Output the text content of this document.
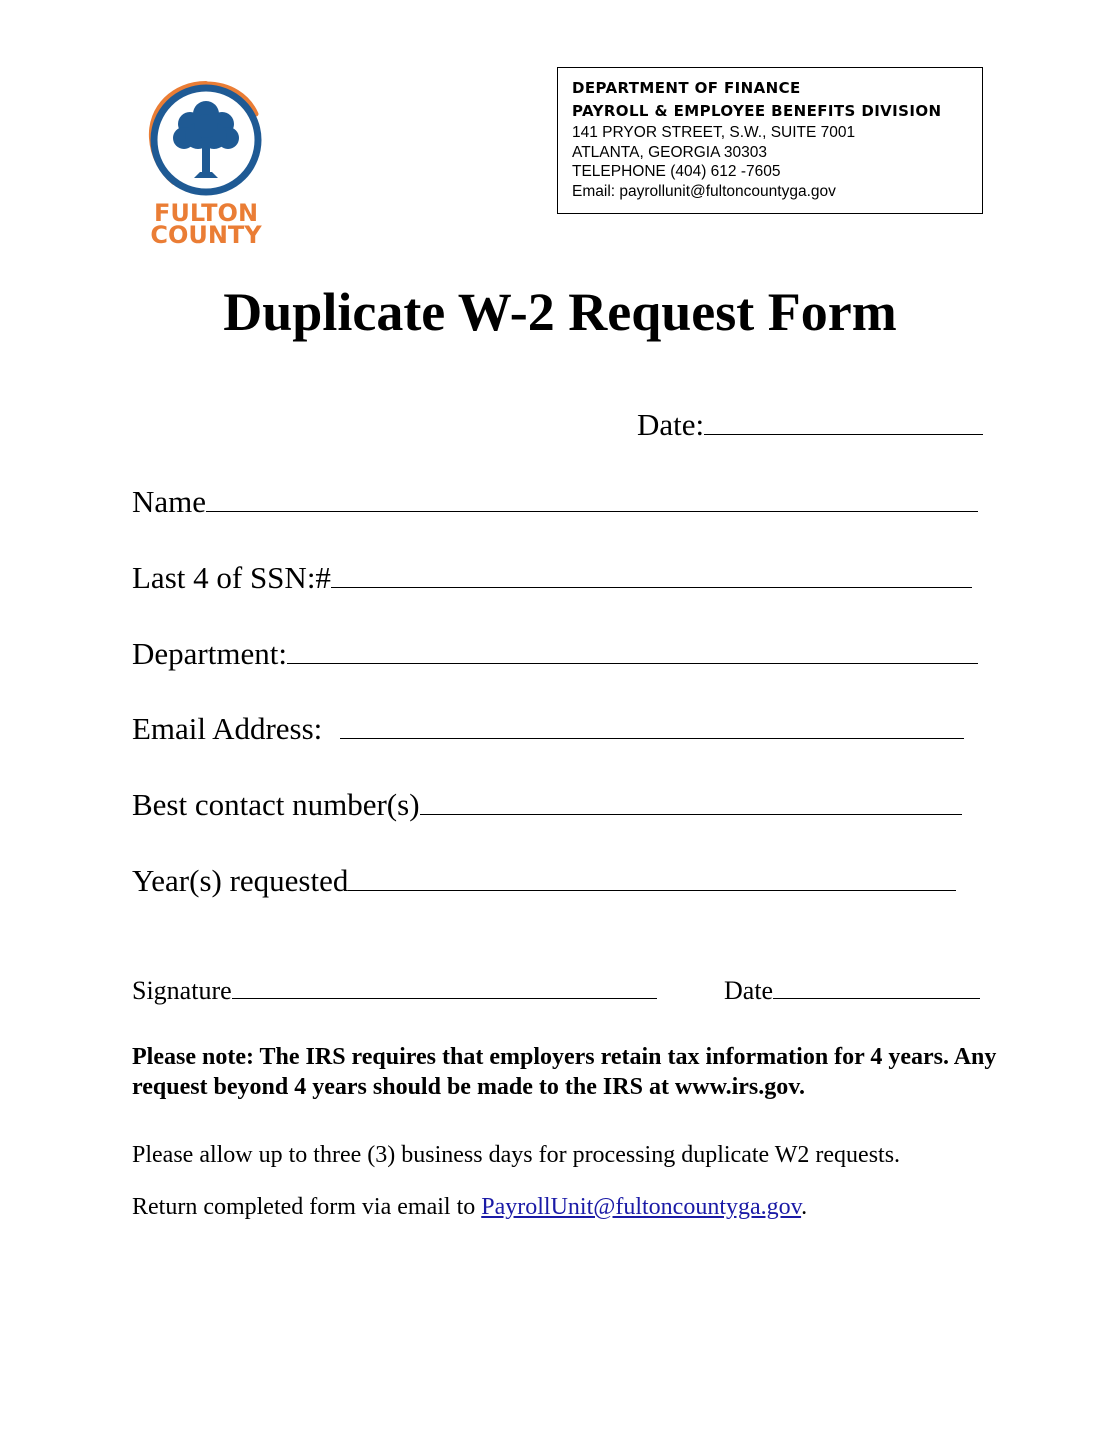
FULTON
COUNTY
DEPARTMENT OF FINANCE
PAYROLL & EMPLOYEE BENEFITS DIVISION
141 PRYOR STREET, S.W., SUITE 7001
ATLANTA, GEORGIA 30303
TELEPHONE (404) 612 -7605
Email: payrollunit@fultoncountyga.gov
Duplicate W-2 Request Form
Date:
Name
Last 4 of SSN:#
Department:
Email Address:
Best contact number(s)
Year(s) requested
Signature	Date
Please note: The IRS requires that employers retain tax information for 4 years. Any request beyond 4 years should be made to the IRS at www.irs.gov.
Please allow up to three (3) business days for processing duplicate W2 requests.
Return completed form via email to PayrollUnit@fultoncountyga.gov.
